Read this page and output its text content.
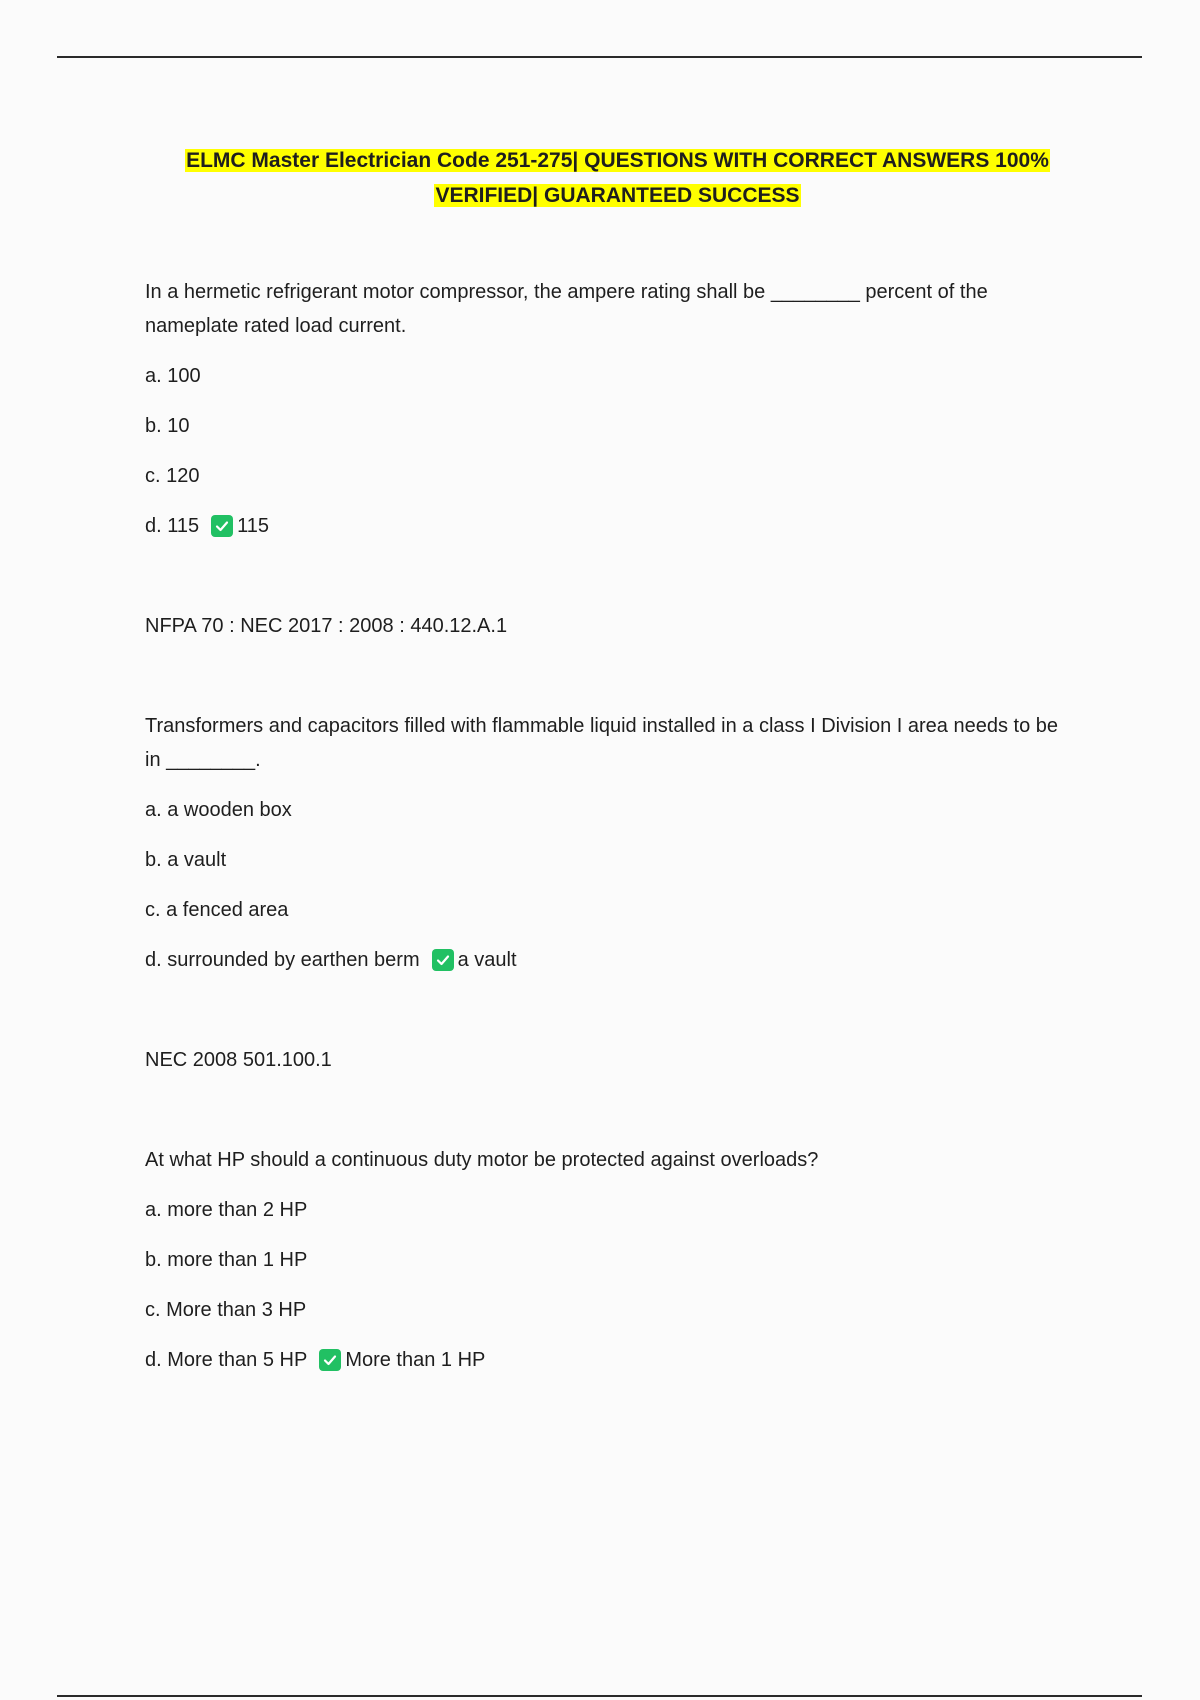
ELMC Master Electrician Code 251-275| QUESTIONS WITH CORRECT ANSWERS 100%
VERIFIED| GUARANTEED SUCCESS
In a hermetic refrigerant motor compressor, the ampere rating shall be ________ percent of the nameplate rated load current.
a. 100
b. 10
c. 120
d. 115 115
NFPA 70 : NEC 2017 : 2008 : 440.12.A.1
Transformers and capacitors filled with flammable liquid installed in a class I Division I area needs to be in ________.
a. a wooden box
b. a vault
c. a fenced area
d. surrounded by earthen berm a vault
NEC 2008 501.100.1
At what HP should a continuous duty motor be protected against overloads?
a. more than 2 HP
b. more than 1 HP
c. More than 3 HP
d. More than 5 HP More than 1 HP
